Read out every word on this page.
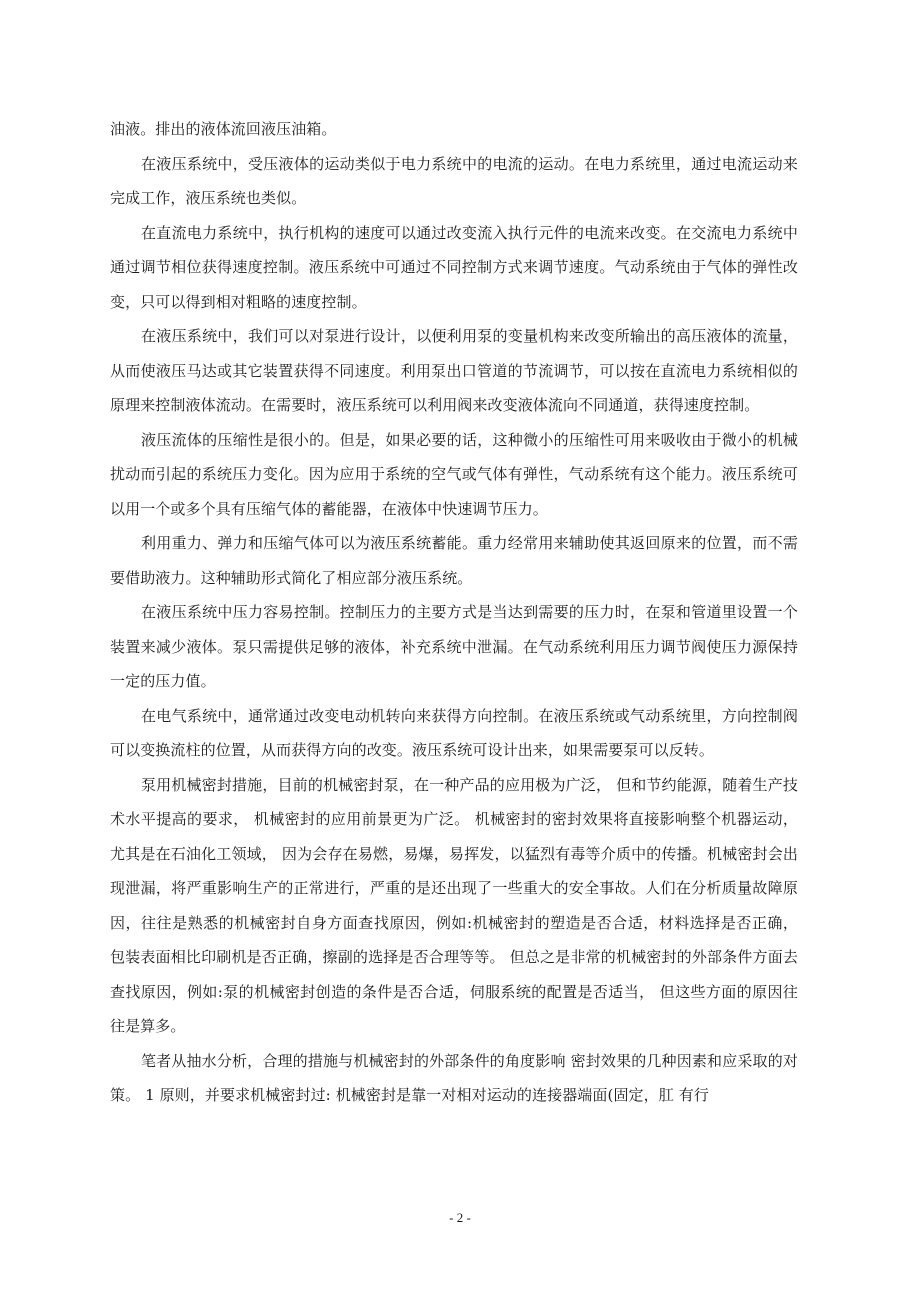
油液。排出的液体流回液压油箱。

在液压系统中，受压液体的运动类似于电力系统中的电流的运动。在电力系统里，通过电流运动来完成工作，液压系统也类似。

在直流电力系统中，执行机构的速度可以通过改变流入执行元件的电流来改变。在交流电力系统中通过调节相位获得速度控制。液压系统中可通过不同控制方式来调节速度。气动系统由于气体的弹性改变，只可以得到相对粗略的速度控制。

在液压系统中，我们可以对泵进行设计，以便利用泵的变量机构来改变所输出的高压液体的流量，从而使液压马达或其它装置获得不同速度。利用泵出口管道的节流调节，可以按在直流电力系统相似的原理来控制液体流动。在需要时，液压系统可以利用阀来改变液体流向不同通道，获得速度控制。

液压流体的压缩性是很小的。但是，如果必要的话，这种微小的压缩性可用来吸收由于微小的机械扰动而引起的系统压力变化。因为应用于系统的空气或气体有弹性，气动系统有这个能力。液压系统可以用一个或多个具有压缩气体的蓄能器，在液体中快速调节压力。

利用重力、弹力和压缩气体可以为液压系统蓄能。重力经常用来辅助使其返回原来的位置，而不需要借助液力。这种辅助形式简化了相应部分液压系统。

在液压系统中压力容易控制。控制压力的主要方式是当达到需要的压力时，在泵和管道里设置一个装置来减少液体。泵只需提供足够的液体，补充系统中泄漏。在气动系统利用压力调节阀使压力源保持一定的压力值。

在电气系统中，通常通过改变电动机转向来获得方向控制。在液压系统或气动系统里，方向控制阀可以变换流柱的位置，从而获得方向的改变。液压系统可设计出来，如果需要泵可以反转。

泵用机械密封措施，目前的机械密封泵，在一种产品的应用极为广泛， 但和节约能源，随着生产技术水平提高的要求， 机械密封的应用前景更为广泛。 机械密封的密封效果将直接影响整个机器运动，尤其是在石油化工领域， 因为会存在易燃，易爆，易挥发，以猛烈有毒等介质中的传播。机械密封会出现泄漏，将严重影响生产的正常进行，严重的是还出现了一些重大的安全事故。人们在分析质量故障原因，往往是熟悉的机械密封自身方面查找原因，例如:机械密封的塑造是否合适，材料选择是否正确， 包装表面相比印刷机是否正确，擦副的选择是否合理等等。 但总之是非常的机械密封的外部条件方面去查找原因，例如:泵的机械密封创造的条件是否合适，伺服系统的配置是否适当， 但这些方面的原因往往是算多。

笔者从抽水分析，合理的措施与机械密封的外部条件的角度影响 密封效果的几种因素和应采取的对策。 1 原则，并要求机械密封过: 机械密封是靠一对相对运动的连接器端面(固定，肛 有行

- 2 -
